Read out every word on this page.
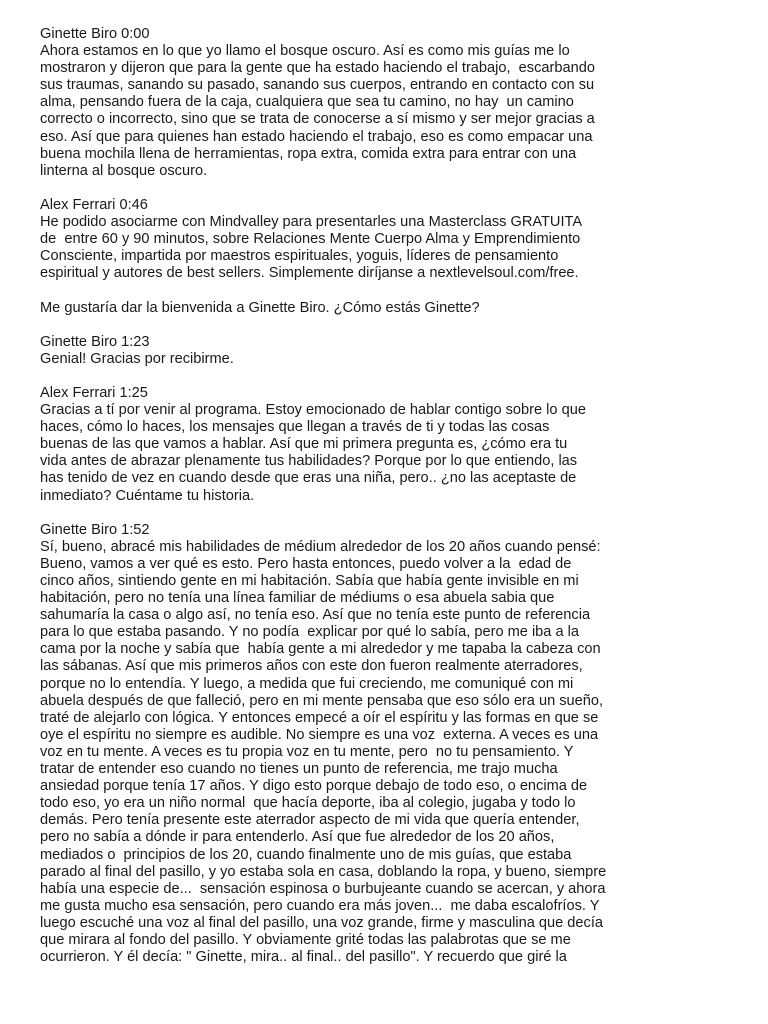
Ginette Biro 0:00
Ahora estamos en lo que yo llamo el bosque oscuro. Así es como mis guías me lo
mostraron y dijeron que para la gente que ha estado haciendo el trabajo,  escarbando
sus traumas, sanando su pasado, sanando sus cuerpos, entrando en contacto con su
alma, pensando fuera de la caja, cualquiera que sea tu camino, no hay  un camino
correcto o incorrecto, sino que se trata de conocerse a sí mismo y ser mejor gracias a
eso. Así que para quienes han estado haciendo el trabajo, eso es como empacar una
buena mochila llena de herramientas, ropa extra, comida extra para entrar con una
linterna al bosque oscuro.
Alex Ferrari 0:46
He podido asociarme con Mindvalley para presentarles una Masterclass GRATUITA
de  entre 60 y 90 minutos, sobre Relaciones Mente Cuerpo Alma y Emprendimiento
Consciente, impartida por maestros espirituales, yoguis, líderes de pensamiento
espiritual y autores de best sellers. Simplemente diríjanse a nextlevelsoul.com/free.
Me gustaría dar la bienvenida a Ginette Biro. ¿Cómo estás Ginette?
Ginette Biro 1:23
Genial! Gracias por recibirme.
Alex Ferrari 1:25
Gracias a tí por venir al programa. Estoy emocionado de hablar contigo sobre lo que
haces, cómo lo haces, los mensajes que llegan a través de ti y todas las cosas
buenas de las que vamos a hablar. Así que mi primera pregunta es, ¿cómo era tu
vida antes de abrazar plenamente tus habilidades? Porque por lo que entiendo, las
has tenido de vez en cuando desde que eras una niña, pero.. ¿no las aceptaste de
inmediato? Cuéntame tu historia.
Ginette Biro 1:52
Sí, bueno, abracé mis habilidades de médium alrededor de los 20 años cuando pensé:
Bueno, vamos a ver qué es esto. Pero hasta entonces, puedo volver a la  edad de
cinco años, sintiendo gente en mi habitación. Sabía que había gente invisible en mi
habitación, pero no tenía una línea familiar de médiums o esa abuela sabia que
sahumaría la casa o algo así, no tenía eso. Así que no tenía este punto de referencia
para lo que estaba pasando. Y no podía  explicar por qué lo sabía, pero me iba a la
cama por la noche y sabía que  había gente a mi alrededor y me tapaba la cabeza con
las sábanas. Así que mis primeros años con este don fueron realmente aterradores,
porque no lo entendía. Y luego, a medida que fui creciendo, me comuniqué con mi
abuela después de que falleció, pero en mi mente pensaba que eso sólo era un sueño,
traté de alejarlo con lógica. Y entonces empecé a oír el espíritu y las formas en que se
oye el espíritu no siempre es audible. No siempre es una voz  externa. A veces es una
voz en tu mente. A veces es tu propia voz en tu mente, pero  no tu pensamiento. Y
tratar de entender eso cuando no tienes un punto de referencia, me trajo mucha
ansiedad porque tenía 17 años. Y digo esto porque debajo de todo eso, o encima de
todo eso, yo era un niño normal  que hacía deporte, iba al colegio, jugaba y todo lo
demás. Pero tenía presente este aterrador aspecto de mi vida que quería entender,
pero no sabía a dónde ir para entenderlo. Así que fue alrededor de los 20 años,
mediados o  principios de los 20, cuando finalmente uno de mis guías, que estaba
parado al final del pasillo, y yo estaba sola en casa, doblando la ropa, y bueno, siempre
había una especie de...  sensación espinosa o burbujeante cuando se acercan, y ahora
me gusta mucho esa sensación, pero cuando era más joven...  me daba escalofríos. Y
luego escuché una voz al final del pasillo, una voz grande, firme y masculina que decía
que mirara al fondo del pasillo. Y obviamente grité todas las palabrotas que se me
ocurrieron. Y él decía: " Ginette, mira.. al final.. del pasillo". Y recuerdo que giré la
